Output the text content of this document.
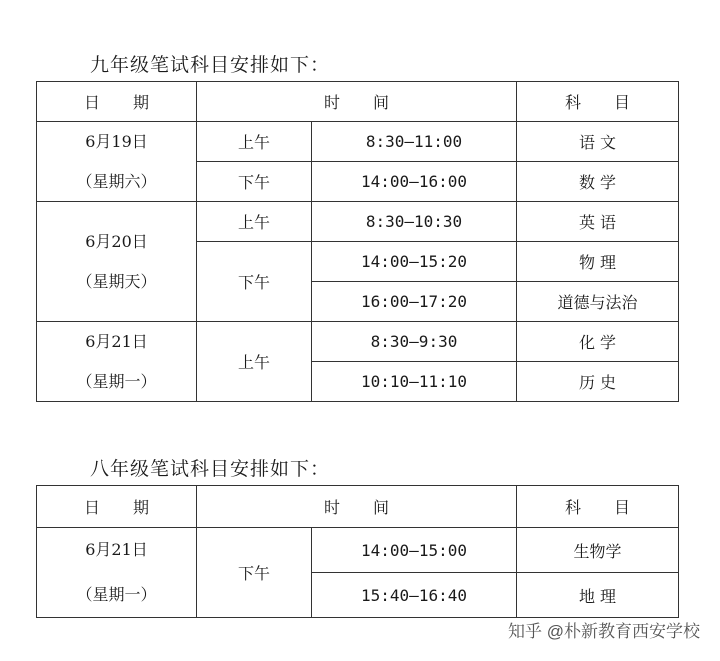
九年级笔试科目安排如下：
日 期	时 间		科 目

6月19日
（星期六）	上午	8:30—11:00	语 文
	下午	14:00—16:00	数 学

6月20日
（星期天）	上午	8:30—10:30	英 语
	下午	14:00—15:20	物 理
		16:00—17:20	道德与法治

6月21日
（星期一）	上午	8:30—9:30	化 学
		10:10—11:10	历 史
八年级笔试科目安排如下：
日 期	时 间		科 目

6月21日
（星期一）	下午	14:00—15:00	生物学
		15:40—16:40	地 理
知乎 @朴新教育西安学校
